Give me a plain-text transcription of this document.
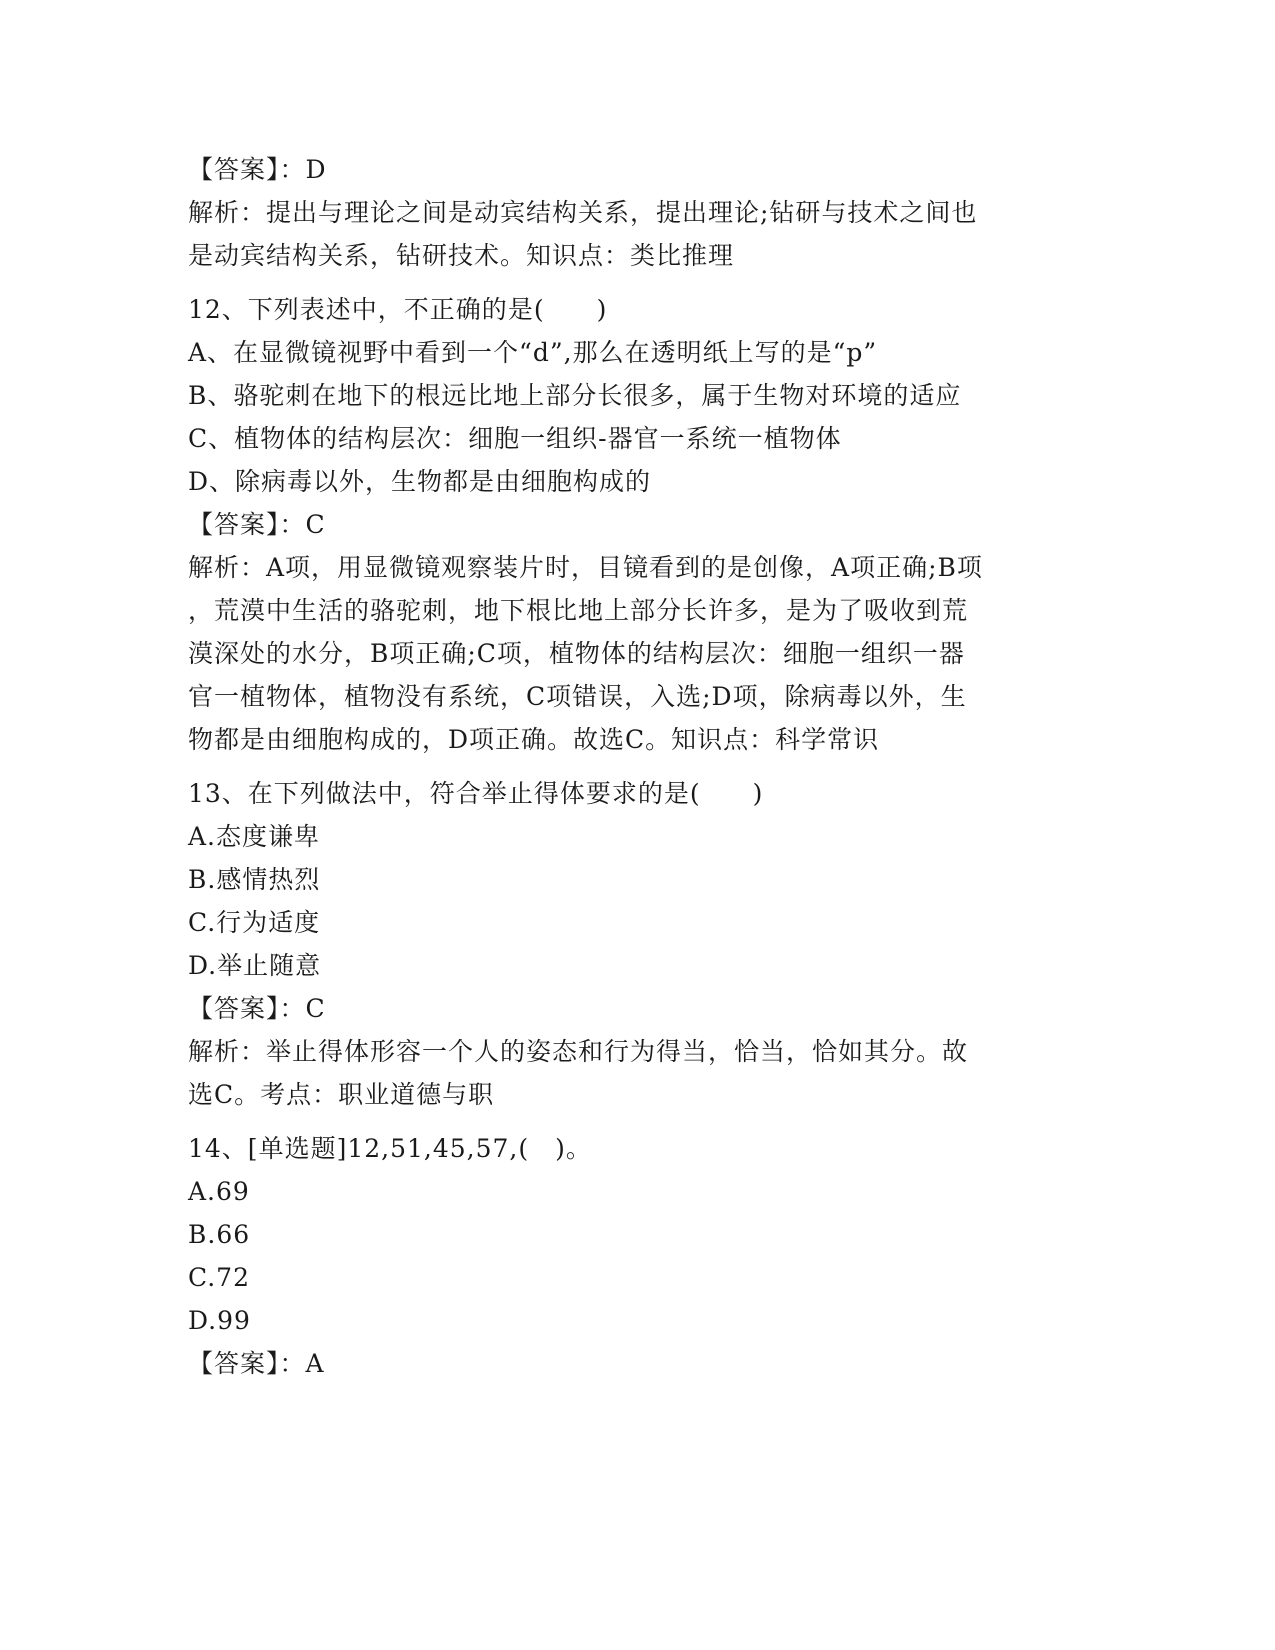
【答案】：D
解析：提出与理论之间是动宾结构关系，提出理论;钻研与技术之间也
是动宾结构关系，钻研技术。知识点：类比推理
12、下列表述中，不正确的是(　　)
A、在显微镜视野中看到一个“d”,那么在透明纸上写的是“p”
B、骆驼刺在地下的根远比地上部分长很多，属于生物对环境的适应
C、植物体的结构层次：细胞一组织-器官一系统一植物体
D、除病毒以外，生物都是由细胞构成的
【答案】：C
解析：A项，用显微镜观察装片时，目镜看到的是创像，A项正确;B项
，荒漠中生活的骆驼刺，地下根比地上部分长许多，是为了吸收到荒
漠深处的水分，B项正确;C项，植物体的结构层次：细胞一组织一器
官一植物体，植物没有系统，C项错误，入选;D项，除病毒以外，生
物都是由细胞构成的，D项正确。故选C。知识点：科学常识
13、在下列做法中，符合举止得体要求的是(　　)
A.态度谦卑
B.感情热烈
C.行为适度
D.举止随意
【答案】：C
解析：举止得体形容一个人的姿态和行为得当，恰当，恰如其分。故
选C。考点：职业道德与职
14、[单选题]12,51,45,57,(　)。
A.69
B.66
C.72
D.99
【答案】：A
